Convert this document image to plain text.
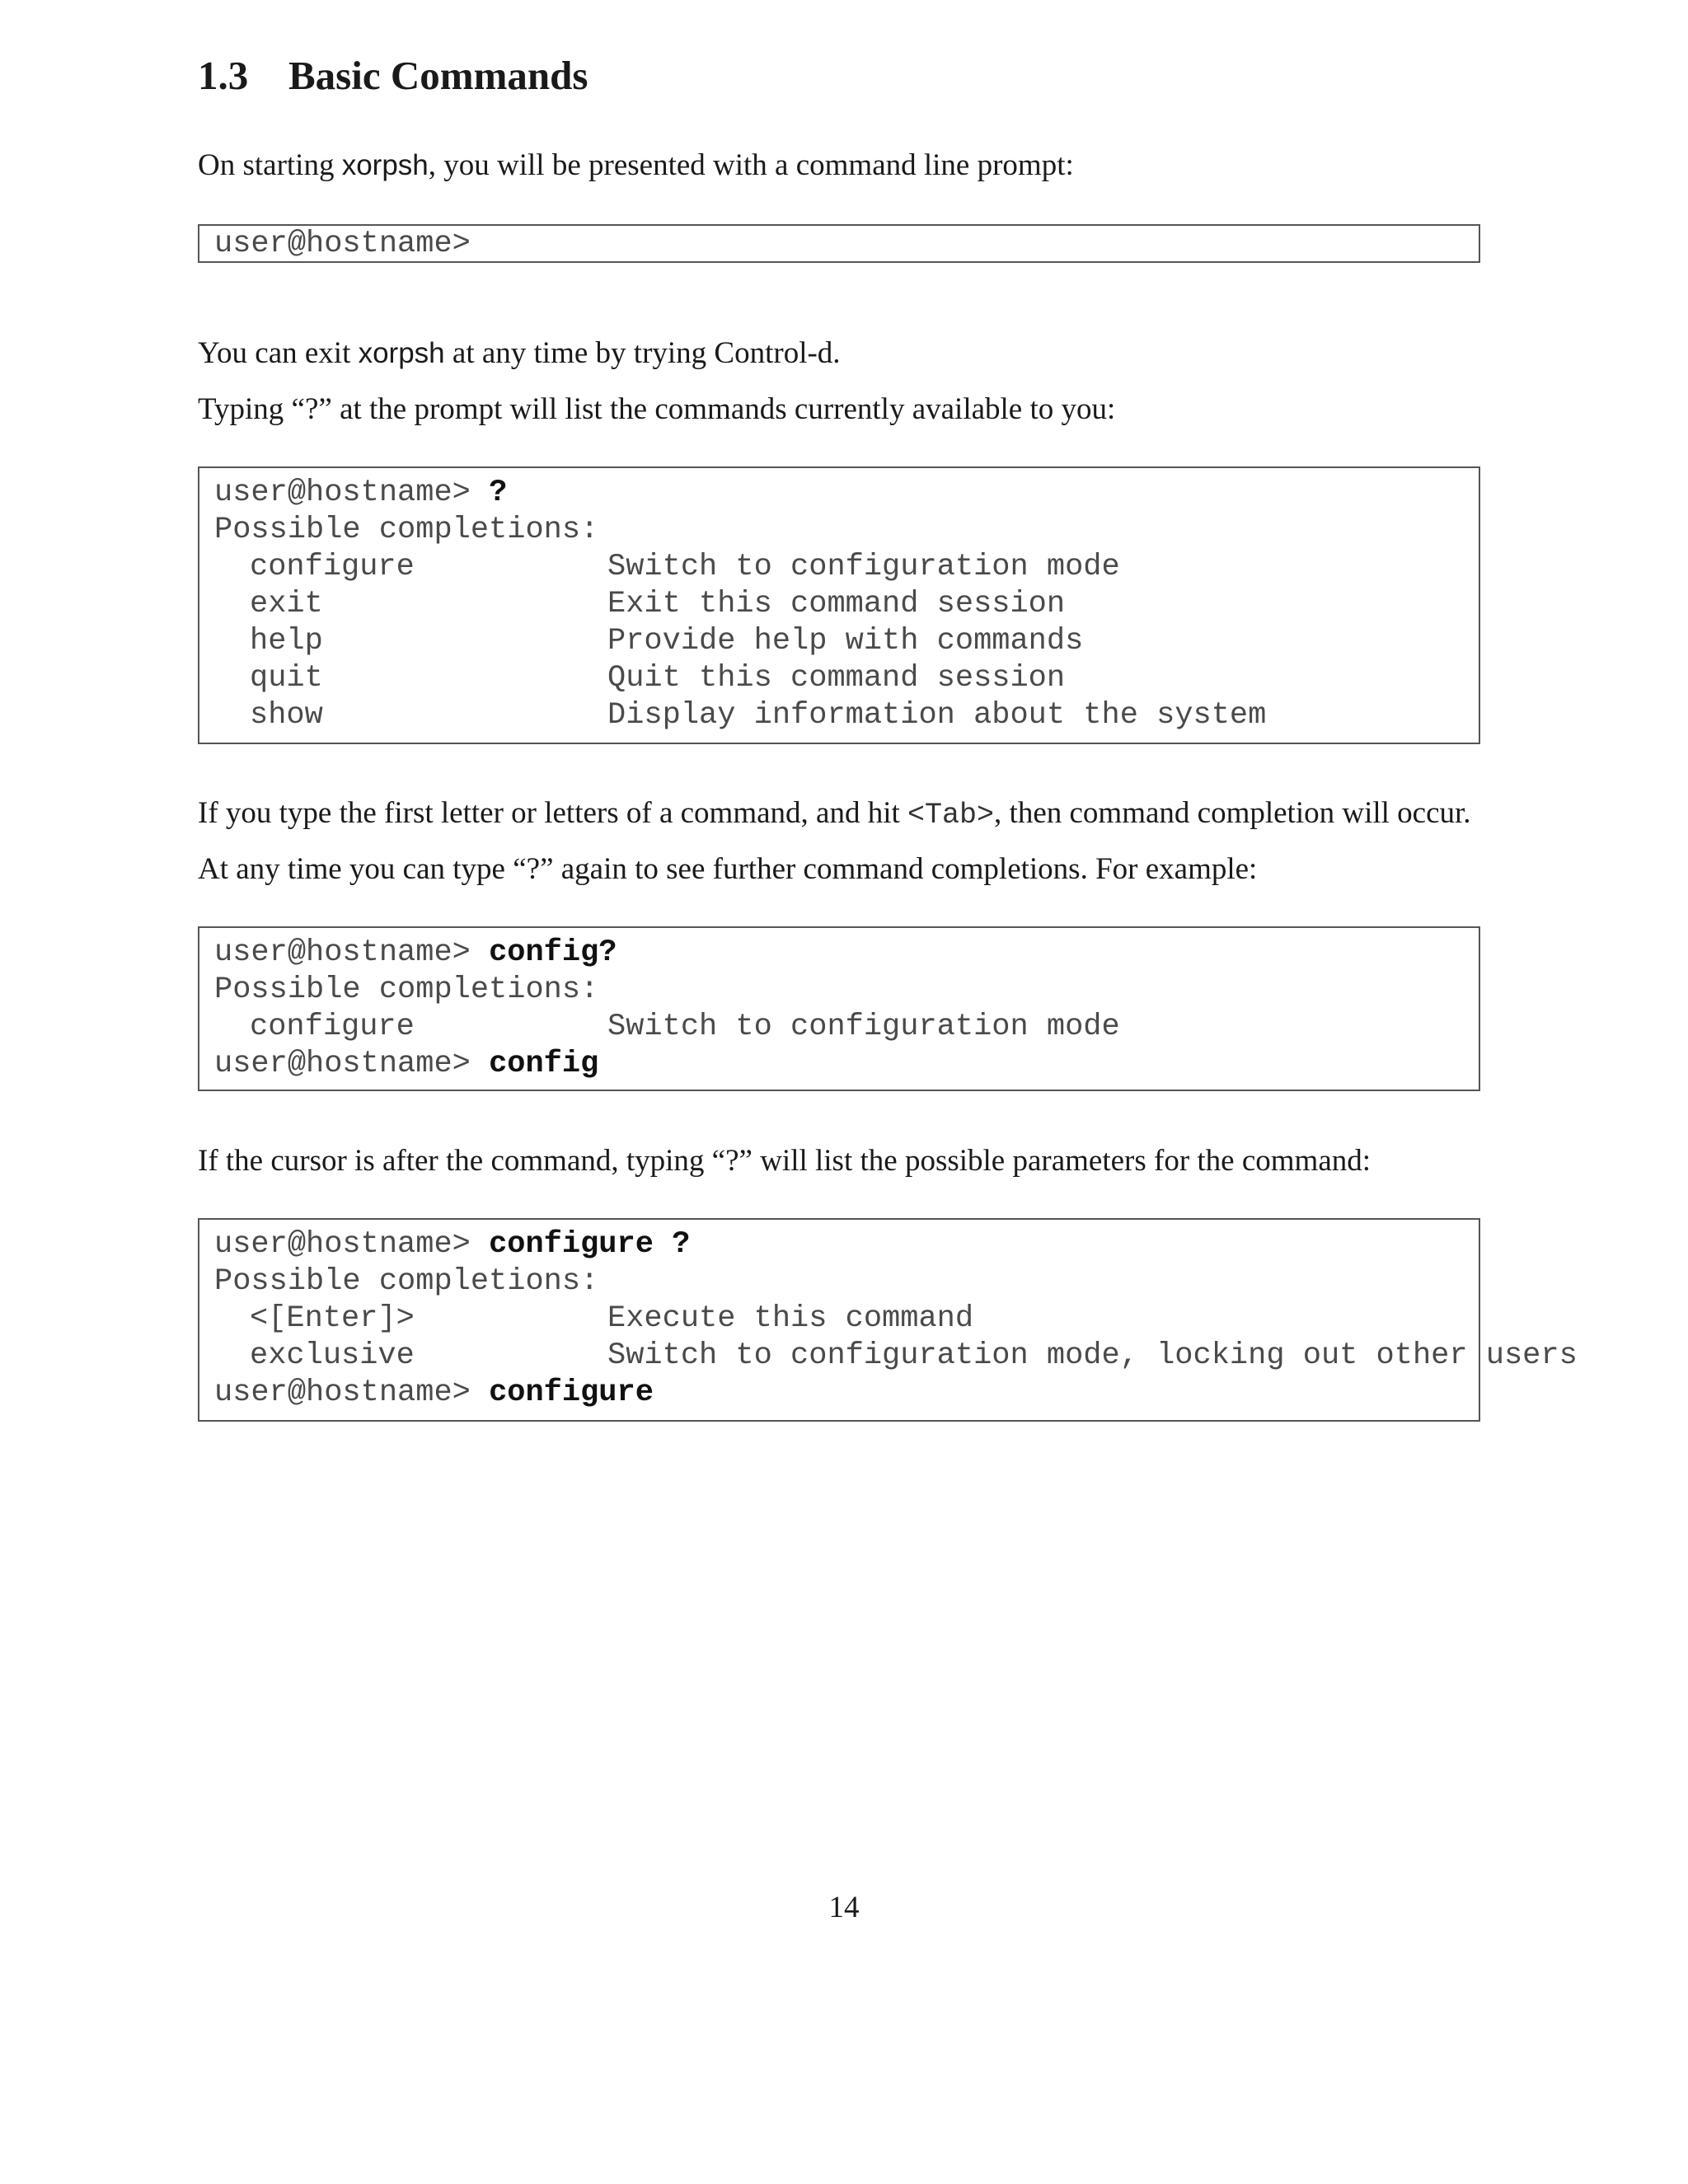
1.3 Basic Commands

On starting xorpsh, you will be presented with a command line prompt:

user@hostname>

You can exit xorpsh at any time by trying Control-d.

Typing “?” at the prompt will list the commands currently available to you:

user@hostname> ?
Possible completions:
configure	Switch to configuration mode
exit	Exit this command session
help	Provide help with commands
quit	Quit this command session
show	Display information about the system

If you type the first letter or letters of a command, and hit <Tab>, then command completion will occur.

At any time you can type “?” again to see further command completions. For example:

user@hostname> config?
Possible completions:
configure	Switch to configuration mode
user@hostname> config

If the cursor is after the command, typing “?” will list the possible parameters for the command:

user@hostname> configure ?
Possible completions:
<[Enter]>	Execute this command
exclusive	Switch to configuration mode, locking out other users
user@hostname> configure
14
